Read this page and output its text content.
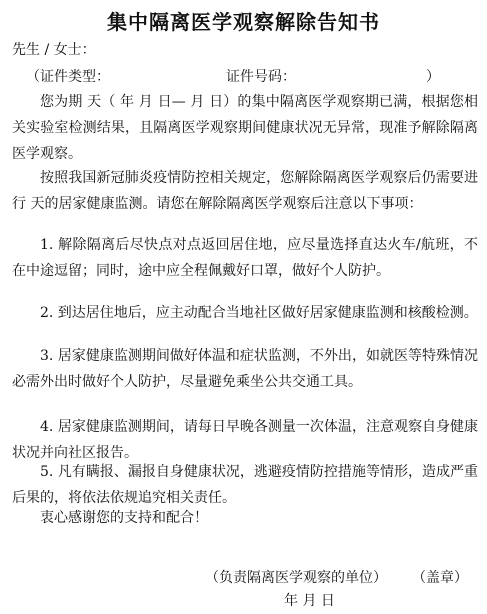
集中隔离医学观察解除告知书
先生 / 女士：
（证件类型：	证件号码：	）
您为期 天（ 年 月 日— 月 日）的集中隔离医学观察期已满，根据您相关实验室检测结果，且隔离医学观察期间健康状况无异常，现准予解除隔离医学观察。
按照我国新冠肺炎疫情防控相关规定，您解除隔离医学观察后仍需要进行 天的居家健康监测。请您在解除隔离医学观察后注意以下事项：
1. 解除隔离后尽快点对点返回居住地，应尽量选择直达火车/航班，不在中途逗留；同时，途中应全程佩戴好口罩，做好个人防护。
2. 到达居住地后，应主动配合当地社区做好居家健康监测和核酸检测。
3. 居家健康监测期间做好体温和症状监测，不外出，如就医等特殊情况必需外出时做好个人防护，尽量避免乘坐公共交通工具。
4. 居家健康监测期间，请每日早晚各测量一次体温，注意观察自身健康状况并向社区报告。
5. 凡有瞒报、漏报自身健康状况，逃避疫情防控措施等情形，造成严重后果的，将依法依规追究相关责任。
衷心感谢您的支持和配合！
（负责隔离医学观察的单位） （盖章）
年 月 日
